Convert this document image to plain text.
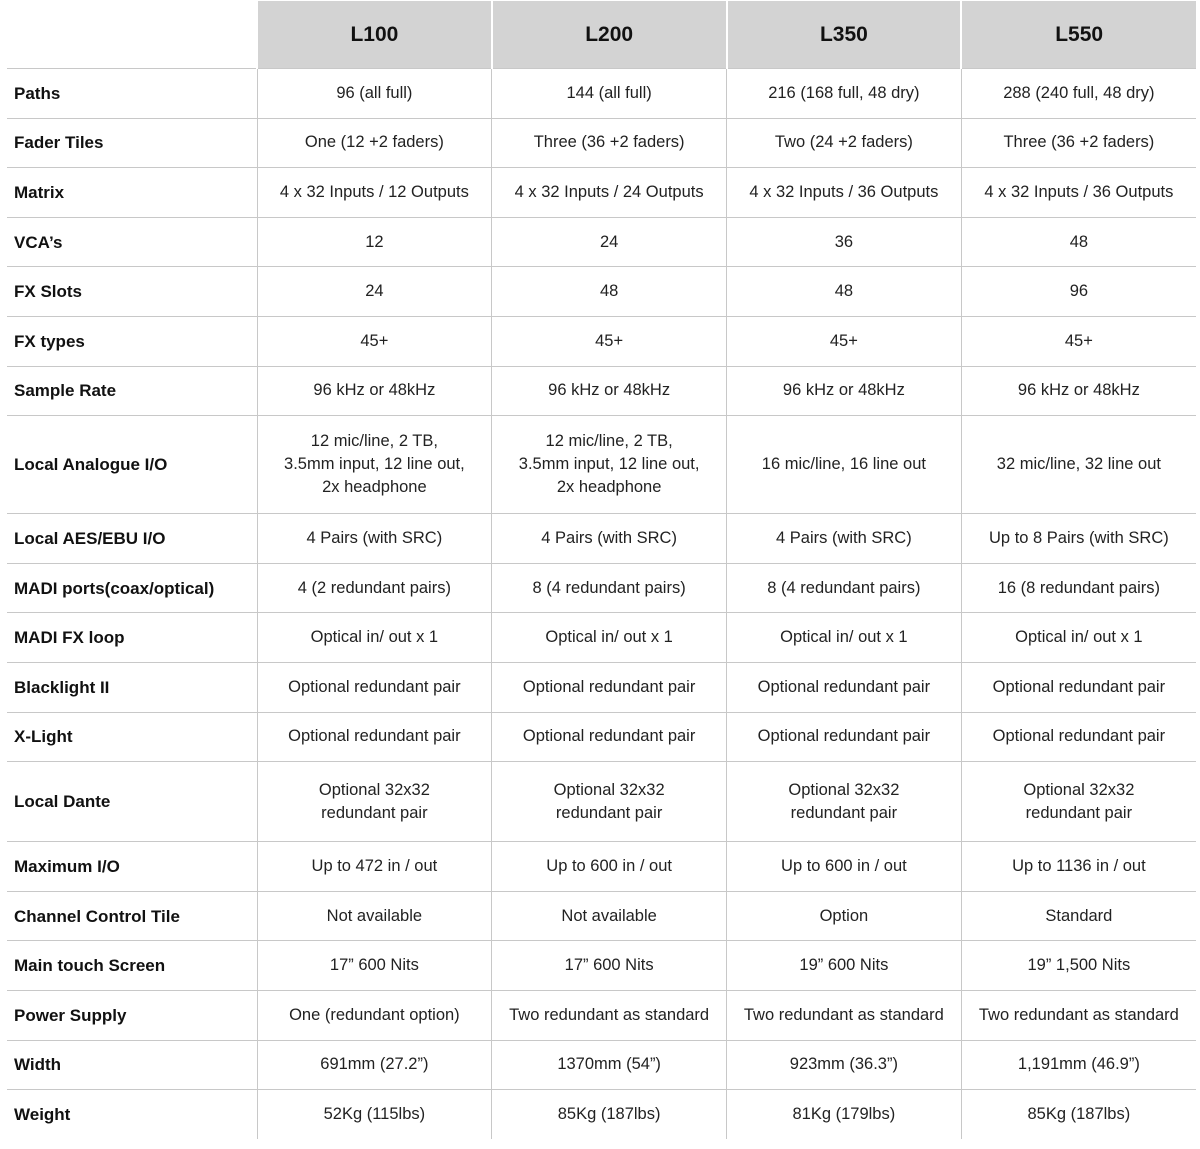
	L100	L200	L350	L550
Paths	96 (all full)	144 (all full)	216 (168 full, 48 dry)	288 (240 full, 48 dry)
Fader Tiles	One (12 +2 faders)	Three (36 +2 faders)	Two (24 +2 faders)	Three (36 +2 faders)
Matrix	4 x 32 Inputs / 12 Outputs	4 x 32 Inputs / 24 Outputs	4 x 32 Inputs / 36 Outputs	4 x 32 Inputs / 36 Outputs
VCA’s	12	24	36	48
FX Slots	24	48	48	96
FX types	45+	45+	45+	45+
Sample Rate	96 kHz or 48kHz	96 kHz or 48kHz	96 kHz or 48kHz	96 kHz or 48kHz
Local Analogue I/O	12 mic/line, 2 TB,
3.5mm input, 12 line out,
2x headphone	12 mic/line, 2 TB,
3.5mm input, 12 line out,
2x headphone	16 mic/line, 16 line out	32 mic/line, 32 line out
Local AES/EBU I/O	4 Pairs (with SRC)	4 Pairs (with SRC)	4 Pairs (with SRC)	Up to 8 Pairs (with SRC)
MADI ports(coax/optical)	4 (2 redundant pairs)	8 (4 redundant pairs)	8 (4 redundant pairs)	16 (8 redundant pairs)
MADI FX loop	Optical in/ out x 1	Optical in/ out x 1	Optical in/ out x 1	Optical in/ out x 1
Blacklight II	Optional redundant pair	Optional redundant pair	Optional redundant pair	Optional redundant pair
X-Light	Optional redundant pair	Optional redundant pair	Optional redundant pair	Optional redundant pair
Local Dante	Optional 32x32
redundant pair	Optional 32x32
redundant pair	Optional 32x32
redundant pair	Optional 32x32
redundant pair
Maximum I/O	Up to 472 in / out	Up to 600 in / out	Up to 600 in / out	Up to 1136 in / out
Channel Control Tile	Not available	Not available	Option	Standard
Main touch Screen	17” 600 Nits	17” 600 Nits	19” 600 Nits	19” 1,500 Nits
Power Supply	One (redundant option)	Two redundant as standard	Two redundant as standard	Two redundant as standard
Width	691mm (27.2”)	1370mm (54”)	923mm (36.3”)	1,191mm (46.9”)
Weight	52Kg (115lbs)	85Kg (187lbs)	81Kg (179lbs)	85Kg (187lbs)
